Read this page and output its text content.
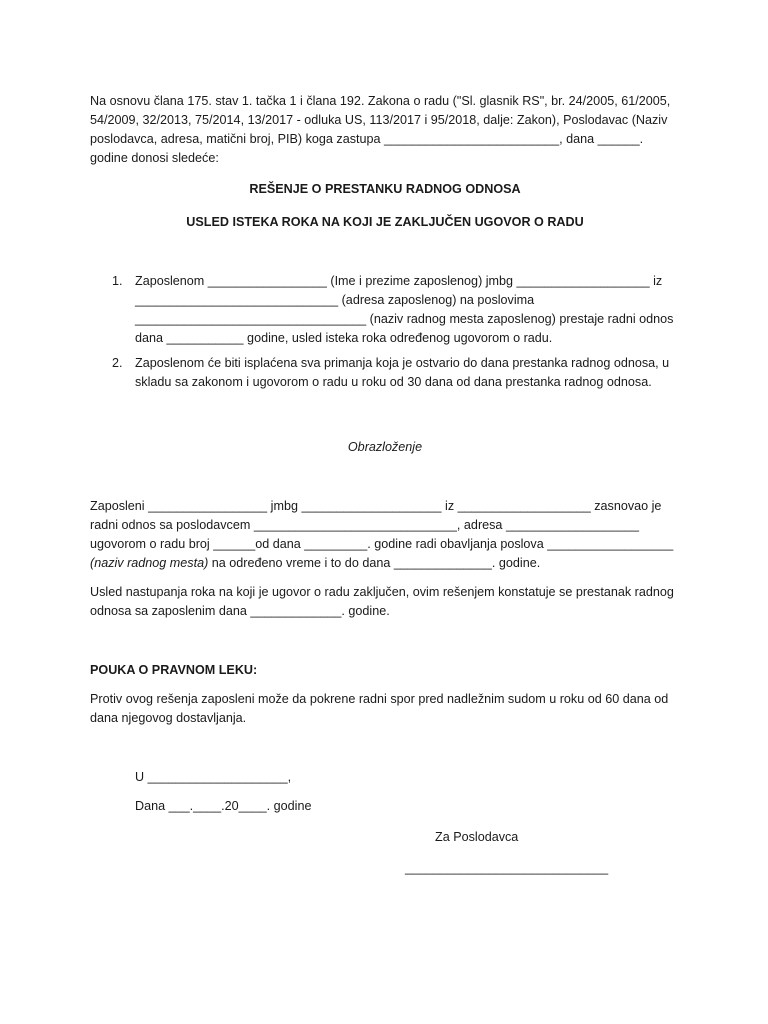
Na osnovu člana 175. stav 1. tačka 1 i člana 192. Zakona o radu ("Sl. glasnik RS", br. 24/2005, 61/2005, 54/2009, 32/2013, 75/2014, 13/2017 - odluka US, 113/2017 i 95/2018, dalje: Zakon), Poslodavac (Naziv poslodavca, adresa, matični broj, PIB) koga zastupa _________________________, dana ______. godine donosi sledeće:

REŠENJE O PRESTANKU RADNOG ODNOSA

USLED ISTEKA ROKA NA KOJI JE ZAKLJUČEN UGOVOR O RADU

1. Zaposlenom _________________ (Ime i prezime zaposlenog) jmbg ___________________ iz _____________________________ (adresa zaposlenog) na poslovima _________________________________ (naziv radnog mesta zaposlenog) prestaje radni odnos dana ___________ godine, usled isteka roka određenog ugovorom o radu.
2. Zaposlenom će biti isplaćena sva primanja koja je ostvario do dana prestanka radnog odnosa, u skladu sa zakonom i ugovorom o radu u roku od 30 dana od dana prestanka radnog odnosa.

Obrazloženje

Zaposleni _________________ jmbg ____________________ iz ___________________ zasnovao je radni odnos sa poslodavcem _____________________________, adresa ___________________ ugovorom o radu broj ______od dana _________. godine radi obavljanja poslova __________________ (naziv radnog mesta) na određeno vreme i to do dana ______________. godine.

Usled nastupanja roka na koji je ugovor o radu zaključen, ovim rešenjem konstatuje se prestanak radnog odnosa sa zaposlenim dana _____________. godine.

POUKA O PRAVNOM LEKU:

Protiv ovog rešenja zaposleni može da pokrene radni spor pred nadležnim sudom u roku od 60 dana od dana njegovog dostavljanja.

U ____________________,

Dana ___.____.20____. godine

Za Poslodavca

_____________________________
